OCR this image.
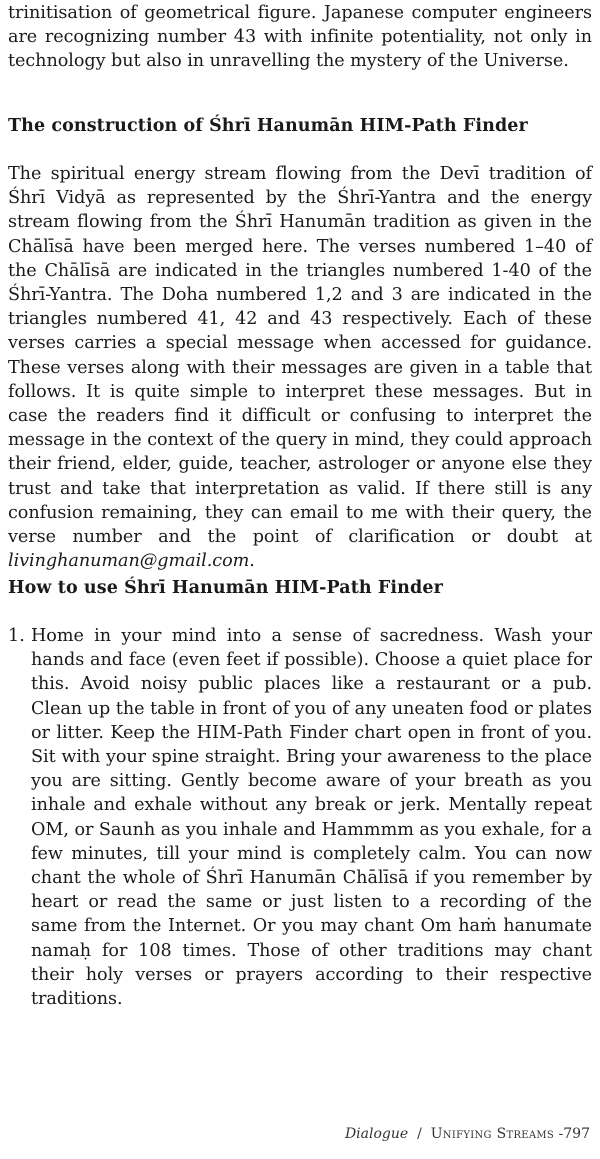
trinitisation of geometrical figure. Japanese computer engineers are recognizing number 43 with infinite potentiality, not only in technology but also in unravelling the mystery of the Universe.

The construction of Śhrī Hanumān HIM-Path Finder

The spiritual energy stream flowing from the Devī tradition of Śhrī Vidyā as represented by the Śhrī-Yantra and the energy stream flowing from the Śhrī Hanumān tradition as given in the Chālīsā have been merged here. The verses numbered 1–40 of the Chālīsā are indicated in the triangles numbered 1-40 of the Śhrī-Yantra. The Doha numbered 1,2 and 3 are indicated in the triangles numbered 41, 42 and 43 respectively. Each of these verses carries a special message when accessed for guidance. These verses along with their messages are given in a table that follows. It is quite simple to interpret these messages. But in case the readers find it difficult or confusing to interpret the message in the context of the query in mind, they could approach their friend, elder, guide, teacher, astrologer or anyone else they trust and take that interpretation as valid. If there still is any confusion remaining, they can email to me with their query, the verse number and the point of clarification or doubt at livinghanuman@gmail.com.

How to use Śhrī Hanumān HIM-Path Finder
1. Home in your mind into a sense of sacredness. Wash your hands and face (even feet if possible). Choose a quiet place for this. Avoid noisy public places like a restaurant or a pub. Clean up the table in front of you of any uneaten food or plates or litter. Keep the HIM-Path Finder chart open in front of you. Sit with your spine straight. Bring your awareness to the place you are sitting. Gently become aware of your breath as you inhale and exhale without any break or jerk. Mentally repeat OM, or Saunh as you inhale and Hammmm as you exhale, for a few minutes, till your mind is completely calm. You can now chant the whole of Śhrī Hanumān Chālīsā if you remember by heart or read the same or just listen to a recording of the same from the Internet. Or you may chant Om haṁ hanumate namaḥ for 108 times. Those of other traditions may chant their holy verses or prayers according to their respective traditions.

Dialogue / Unifying Streams -797
